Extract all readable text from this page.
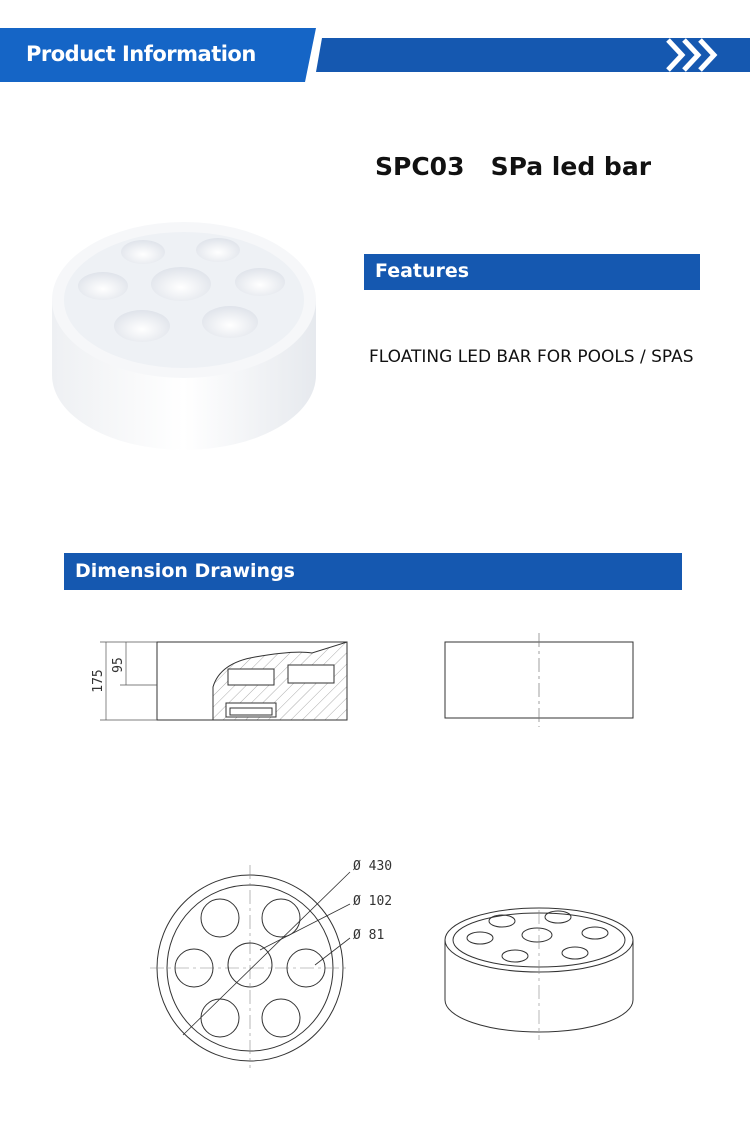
Product Information
SPC03   SPa led bar
Features
FLOATING LED BAR FOR POOLS / SPAS
Dimension Drawings
175
95
Ø 430
Ø 102
Ø 81
